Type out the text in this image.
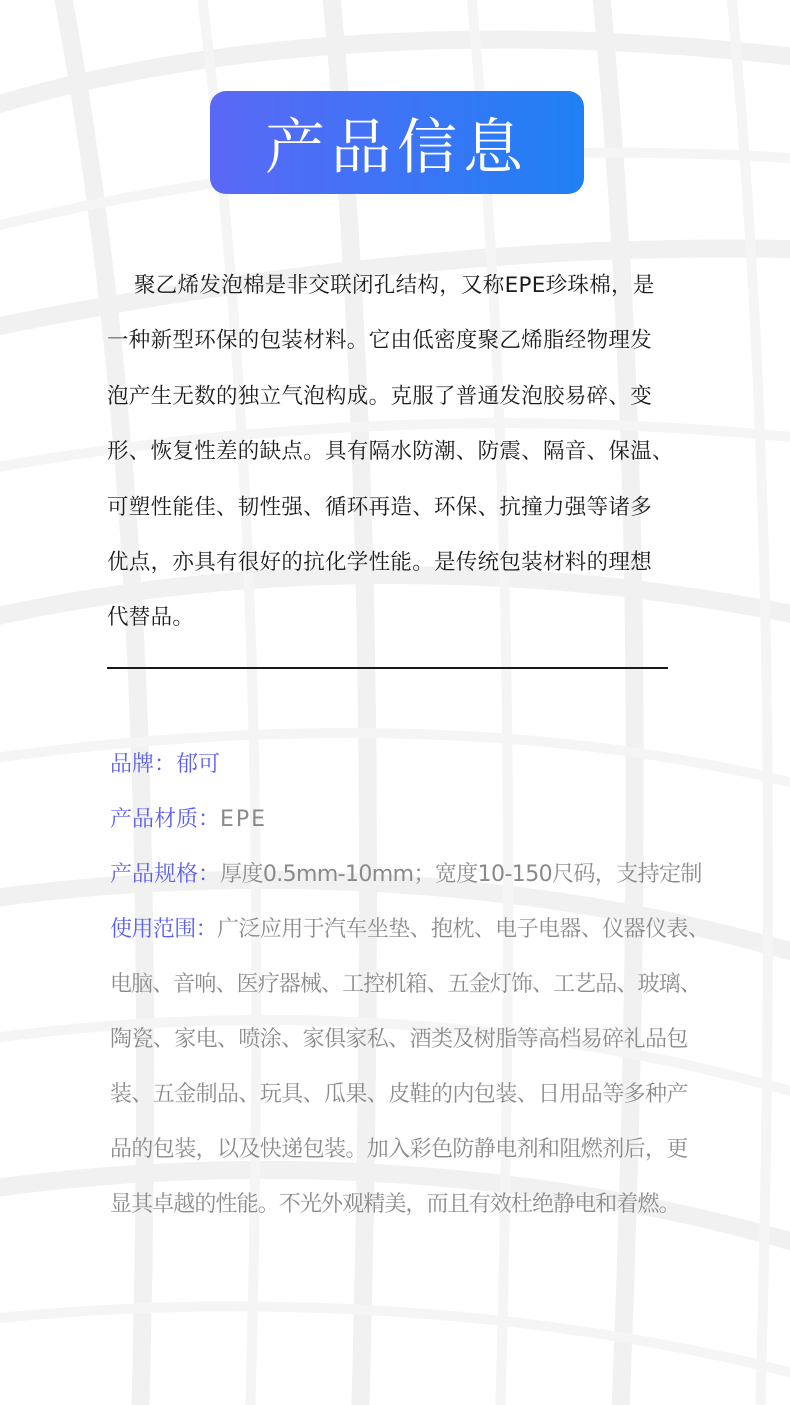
产品信息
聚乙烯发泡棉是非交联闭孔结构，又称EPE珍珠棉，是
一种新型环保的包装材料。它由低密度聚乙烯脂经物理发
泡产生无数的独立气泡构成。克服了普通发泡胶易碎、变
形、恢复性差的缺点。具有隔水防潮、防震、隔音、保温、
可塑性能佳、韧性强、循环再造、环保、抗撞力强等诸多
优点，亦具有很好的抗化学性能。是传统包装材料的理想
代替品。
品牌：郁可
产品材质：EPE
产品规格：厚度0.5mm-10mm；宽度10-150尺码，支持定制
使用范围：广泛应用于汽车坐垫、抱枕、电子电器、仪器仪表、
电脑、音响、医疗器械、工控机箱、五金灯饰、工艺品、玻璃、
陶瓷、家电、喷涂、家俱家私、酒类及树脂等高档易碎礼品包
装、五金制品、玩具、瓜果、皮鞋的内包装、日用品等多种产
品的包装，以及快递包装。加入彩色防静电剂和阻燃剂后，更
显其卓越的性能。不光外观精美，而且有效杜绝静电和着燃。
